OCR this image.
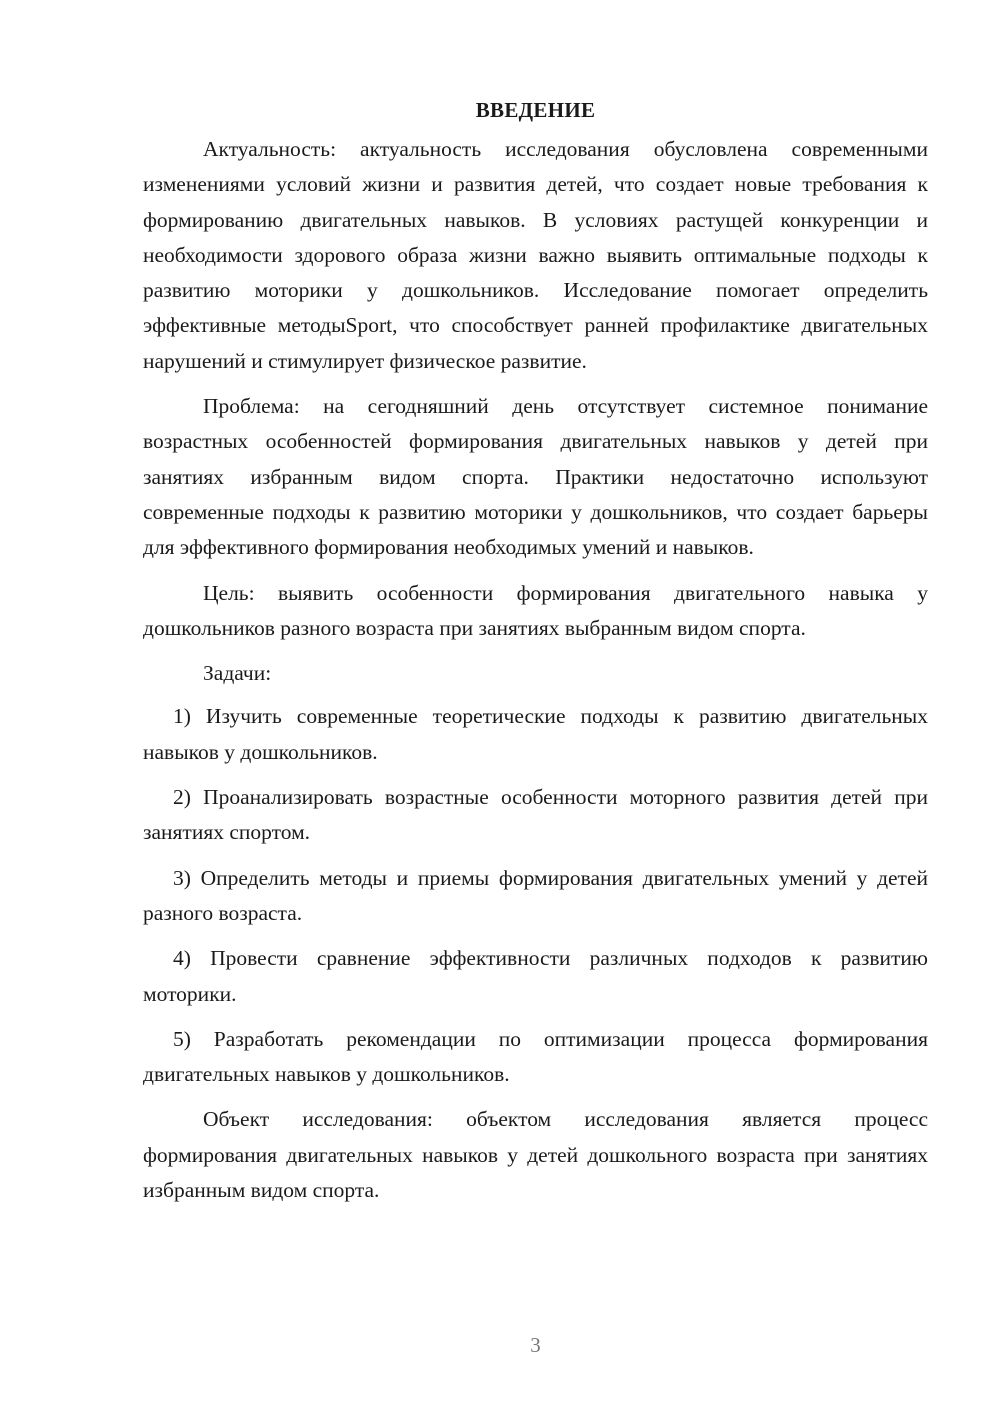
ВВЕДЕНИЕ

Актуальность: актуальность исследования обусловлена современными изменениями условий жизни и развития детей, что создает новые требования к формированию двигательных навыков. В условиях растущей конкуренции и необходимости здорового образа жизни важно выявить оптимальные подходы к развитию моторики у дошкольников. Исследование помогает определить эффективные методыSport, что способствует ранней профилактике двигательных нарушений и стимулирует физическое развитие.

Проблема: на сегодняшний день отсутствует системное понимание возрастных особенностей формирования двигательных навыков у детей при занятиях избранным видом спорта. Практики недостаточно используют современные подходы к развитию моторики у дошкольников, что создает барьеры для эффективного формирования необходимых умений и навыков.

Цель: выявить особенности формирования двигательного навыка у дошкольников разного возраста при занятиях выбранным видом спорта.

Задачи:

1) Изучить современные теоретические подходы к развитию двигательных навыков у дошкольников.

2) Проанализировать возрастные особенности моторного развития детей при занятиях спортом.

3) Определить методы и приемы формирования двигательных умений у детей разного возраста.

4) Провести сравнение эффективности различных подходов к развитию моторики.

5) Разработать рекомендации по оптимизации процесса формирования двигательных навыков у дошкольников.

Объект исследования: объектом исследования является процесс формирования двигательных навыков у детей дошкольного возраста при занятиях избранным видом спорта.

3
